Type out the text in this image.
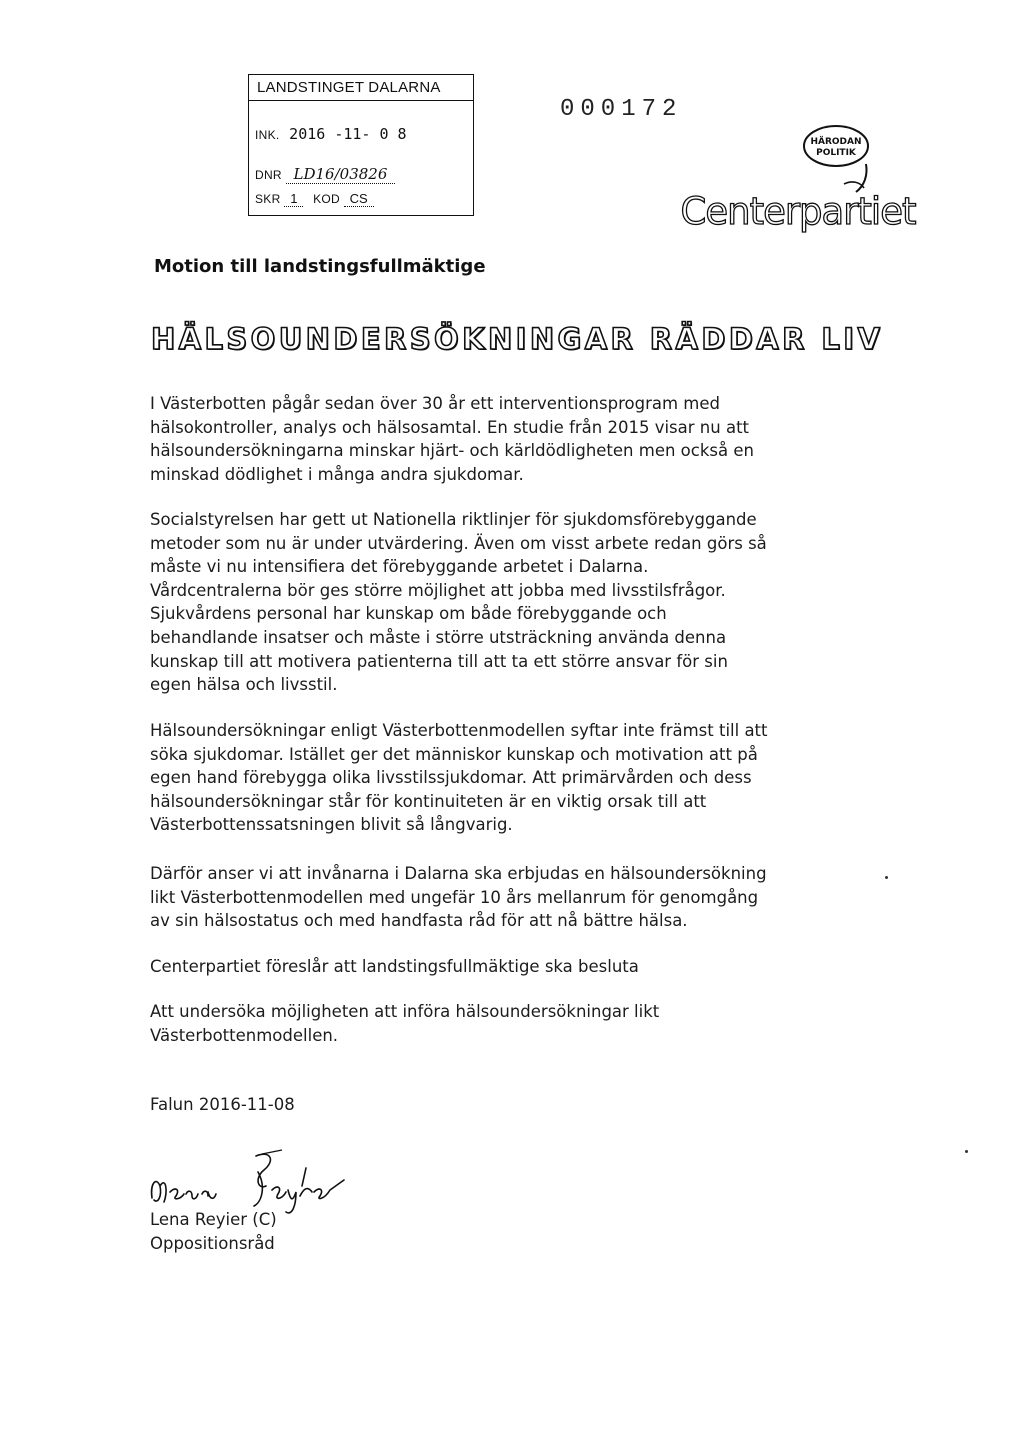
LANDSTINGET DALARNA
INK. 2016 -11- 0 8
DNR LD16/03826
SKR 1 KOD CS
000172
HÄRODAN
POLITIK
Centerpartiet
Motion till landstingsfullmäktige
HÄLSOUNDERSÖKNINGAR RÄDDAR LIV
I Västerbotten pågår sedan över 30 år ett interventionsprogram med
hälsokontroller, analys och hälsosamtal. En studie från 2015 visar nu att
hälsoundersökningarna minskar hjärt- och kärldödligheten men också en
minskad dödlighet i många andra sjukdomar.
Socialstyrelsen har gett ut Nationella riktlinjer för sjukdomsförebyggande
metoder som nu är under utvärdering. Även om visst arbete redan görs så
måste vi nu intensifiera det förebyggande arbetet i Dalarna.
Vårdcentralerna bör ges större möjlighet att jobba med livsstilsfrågor.
Sjukvårdens personal har kunskap om både förebyggande och
behandlande insatser och måste i större utsträckning använda denna
kunskap till att motivera patienterna till att ta ett större ansvar för sin
egen hälsa och livsstil.
Hälsoundersökningar enligt Västerbottenmodellen syftar inte främst till att
söka sjukdomar. Istället ger det människor kunskap och motivation att på
egen hand förebygga olika livsstilssjukdomar. Att primärvården och dess
hälsoundersökningar står för kontinuiteten är en viktig orsak till att
Västerbottenssatsningen blivit så långvarig.
Därför anser vi att invånarna i Dalarna ska erbjudas en hälsoundersökning
likt Västerbottenmodellen med ungefär 10 års mellanrum för genomgång
av sin hälsostatus och med handfasta råd för att nå bättre hälsa.
Centerpartiet föreslår att landstingsfullmäktige ska besluta
Att undersöka möjligheten att införa hälsoundersökningar likt
Västerbottenmodellen.
Falun 2016-11-08
Lena Reyier (C)
Oppositionsråd
